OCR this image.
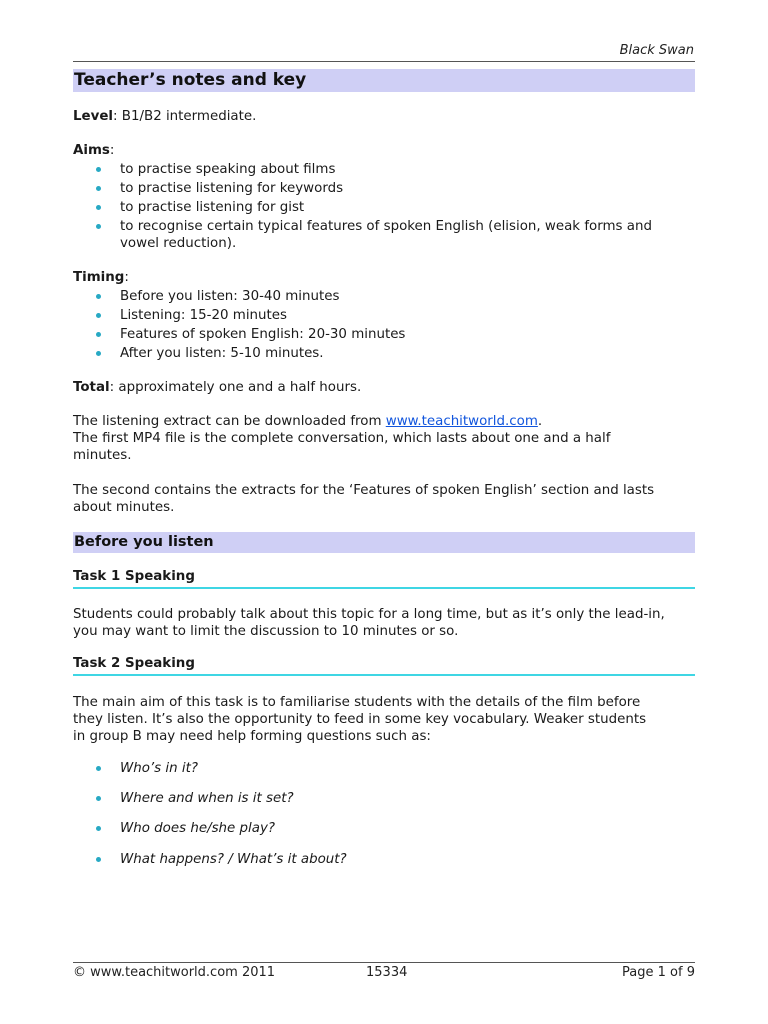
Black Swan
Teacher’s notes and key
Level: B1/B2 intermediate.
Aims:
to practise speaking about films
to practise listening for keywords
to practise listening for gist
to recognise certain typical features of spoken English (elision, weak forms and
vowel reduction).
Timing:
Before you listen: 30-40 minutes
Listening: 15-20 minutes
Features of spoken English: 20-30 minutes
After you listen: 5-10 minutes.
Total: approximately one and a half hours.
The listening extract can be downloaded from www.teachitworld.com.
The first MP4 file is the complete conversation, which lasts about one and a half
minutes.
The second contains the extracts for the ‘Features of spoken English’ section and lasts
about minutes.
Before you listen
Task 1 Speaking
Students could probably talk about this topic for a long time, but as it’s only the lead-in,
you may want to limit the discussion to 10 minutes or so.
Task 2 Speaking
The main aim of this task is to familiarise students with the details of the film before
they listen. It’s also the opportunity to feed in some key vocabulary. Weaker students
in group B may need help forming questions such as:
Who’s in it?
Where and when is it set?
Who does he/she play?
What happens? / What’s it about?
© www.teachitworld.com 2011	15334	Page 1 of 9
